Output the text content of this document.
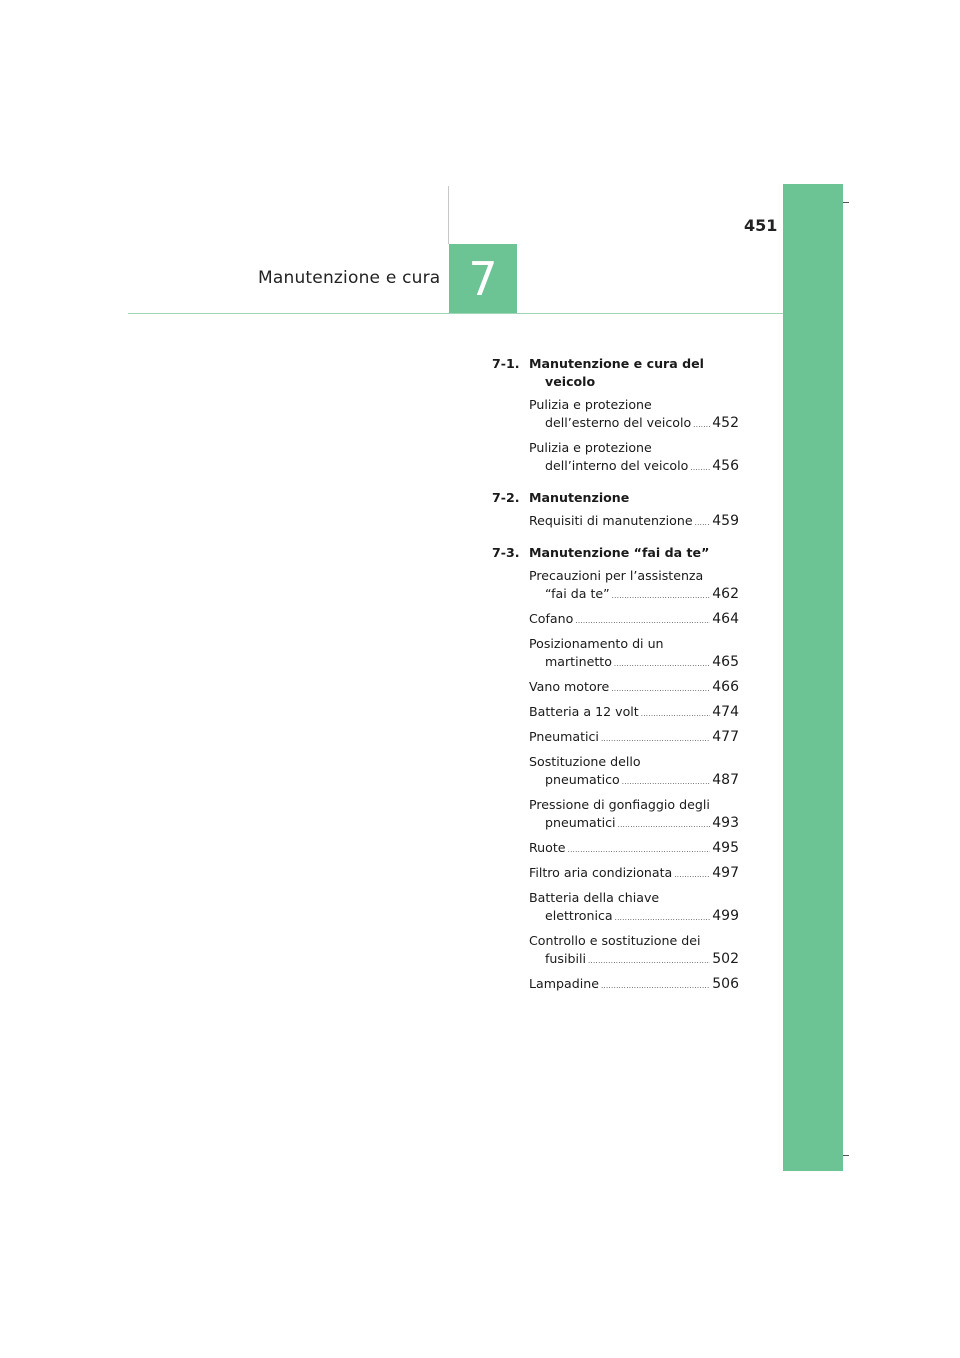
451
Manutenzione e cura 7
7-1. Manutenzione e cura del
veicolo
Pulizia e protezione
dell’esterno del veicolo ..... 452
Pulizia e protezione
dell’interno del veicolo ..... 456
7-2. Manutenzione
Requisiti di manutenzione ..... 459
7-3. Manutenzione “fai da te”
Precauzioni per l’assistenza
“fai da te” .....	462
Cofano .....	464
Posizionamento di un
martinetto .....	465
Vano motore .....	466
Batteria a 12 volt .....	474
Pneumatici .....	477
Sostituzione dello
pneumatico .....	487
Pressione di gonfiaggio degli
pneumatici .....	493
Ruote .....	495
Filtro aria condizionata .....	497
Batteria della chiave
elettronica .....	499
Controllo e sostituzione dei
fusibili .....	502
Lampadine .....	506
